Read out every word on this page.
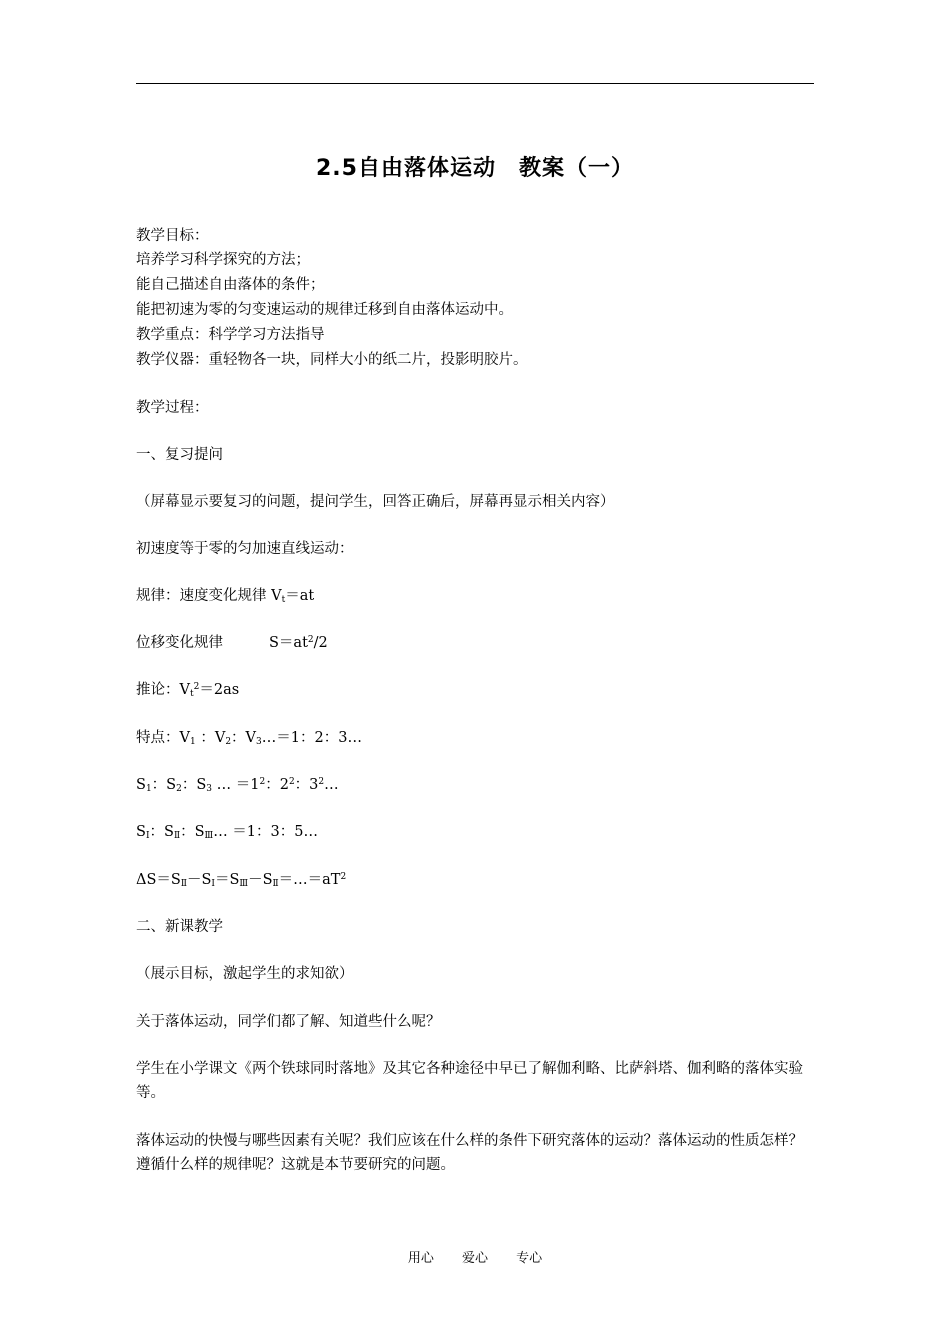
2.5自由落体运动　教案（一）
教学目标：
培养学习科学探究的方法；
能自己描述自由落体的条件；
能把初速为零的匀变速运动的规律迁移到自由落体运动中。
教学重点：科学学习方法指导
教学仪器：重轻物各一块，同样大小的纸二片，投影明胶片。
教学过程：
一、复习提问
（屏幕显示要复习的问题，提问学生，回答正确后，屏幕再显示相关内容）
初速度等于零的匀加速直线运动：
规律：速度变化规律 $V_t=at$
位移变化规律	$S=at^2/2$
推论：$V_t^2=2as$
特点：$V_1$ ：$V_2$：$V_3\dots=1$：2：3…
$S_1$：$S_2$：$S_3$ … $=1^2$：$2^2$：$3^2\dots$
$S_Ⅰ$：$S_Ⅱ$：$S_Ⅲ\dots =1$：3：5…
$\Delta S=S_Ⅱ-S_Ⅰ=S_Ⅲ-S_Ⅱ=\dots=aT^2$
二、新课教学
（展示目标，激起学生的求知欲）
关于落体运动，同学们都了解、知道些什么呢？
学生在小学课文《两个铁球同时落地》及其它各种途径中早已了解伽利略、比萨斜塔、伽利略的落体实验等。
落体运动的快慢与哪些因素有关呢？我们应该在什么样的条件下研究落体的运动？落体运动的性质怎样？遵循什么样的规律呢？这就是本节要研究的问题。
用心 爱心 专心
